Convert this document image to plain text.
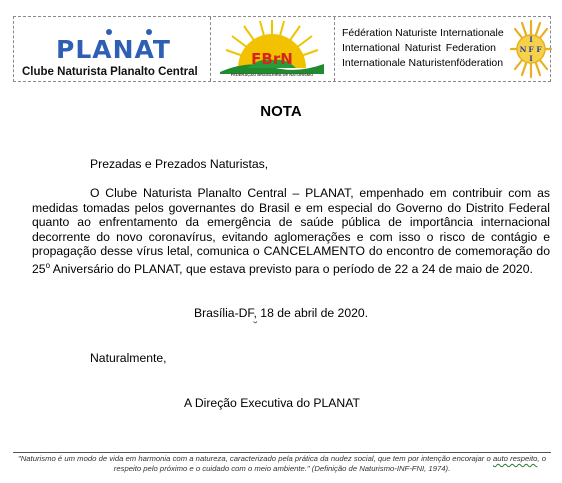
PLANAT
Clube Naturista Planalto Central
FBrN
FEDERAÇÃO BRASILEIRA DE NATURISMO
Fédération Naturiste Internationale
International Naturist Federation
Internationale Naturistenföderation
I
N F
F
I
NOTA
Prezadas e Prezados Naturistas,
O Clube Naturista Planalto Central – PLANAT, empenhado em contribuir com as medidas tomadas pelos governantes do Brasil e em especial do Governo do Distrito Federal quanto ao enfrentamento da emergência de saúde pública de importância internacional decorrente do novo coronavírus, evitando aglomerações e com isso o risco de contágio e propagação desse vírus letal, comunica o CANCELAMENTO do encontro de comemoração do 25$^o$ Aniversário do PLANAT, que estava previsto para o período de 22 a 24 de maio de 2020.
Brasília-DF, 18 de abril de 2020.
Naturalmente,
A Direção Executiva do PLANAT
"Naturismo é um modo de vida em harmonia com a natureza, caracterizado pela prática da nudez social, que tem por intenção encorajar o auto respeito, o respeito pelo próximo e o cuidado com o meio ambiente." (Definição de Naturismo-INF-FNI, 1974).
